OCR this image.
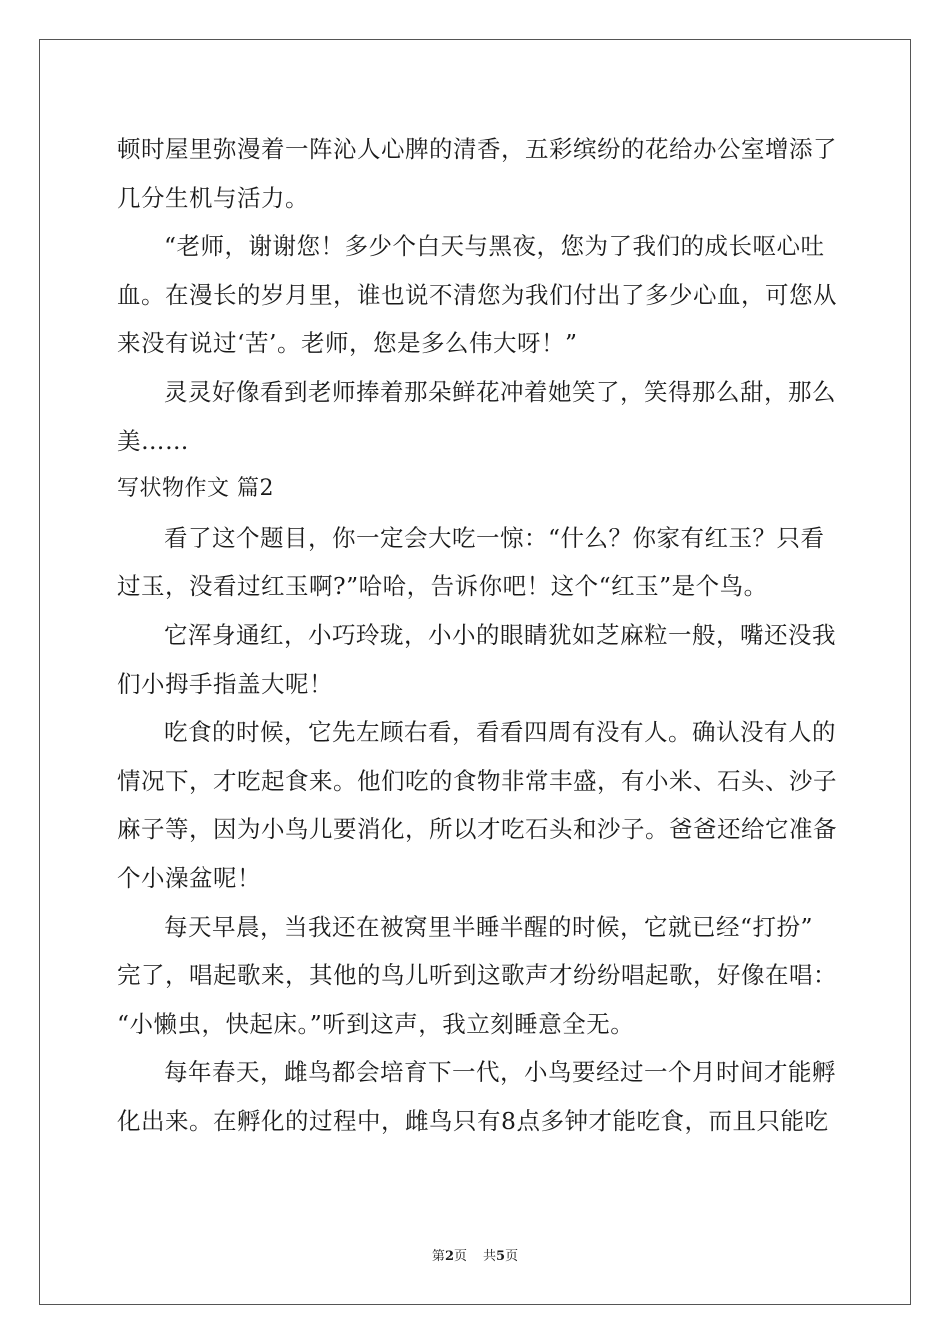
顿时屋里弥漫着一阵沁人心脾的清香，五彩缤纷的花给办公室增添了
几分生机与活力。
“老师，谢谢您！多少个白天与黑夜，您为了我们的成长呕心吐
血。在漫长的岁月里，谁也说不清您为我们付出了多少心血，可您从
来没有说过‘苦’。老师，您是多么伟大呀！”
灵灵好像看到老师捧着那朵鲜花冲着她笑了，笑得那么甜，那么
美……
写状物作文 篇2
看了这个题目，你一定会大吃一惊：“什么？你家有红玉？只看
过玉，没看过红玉啊?”哈哈，告诉你吧！这个“红玉”是个鸟。
它浑身通红，小巧玲珑，小小的眼睛犹如芝麻粒一般，嘴还没我
们小拇手指盖大呢！
吃食的时候，它先左顾右看，看看四周有没有人。确认没有人的
情况下，才吃起食来。他们吃的食物非常丰盛，有小米、石头、沙子
麻子等，因为小鸟儿要消化，所以才吃石头和沙子。爸爸还给它准备
个小澡盆呢！
每天早晨，当我还在被窝里半睡半醒的时候，它就已经“打扮”
完了，唱起歌来，其他的鸟儿听到这歌声才纷纷唱起歌，好像在唱：
“小懒虫，快起床。”听到这声，我立刻睡意全无。
每年春天，雌鸟都会培育下一代，小鸟要经过一个月时间才能孵
化出来。在孵化的过程中，雌鸟只有8点多钟才能吃食，而且只能吃
第2页 共5页
